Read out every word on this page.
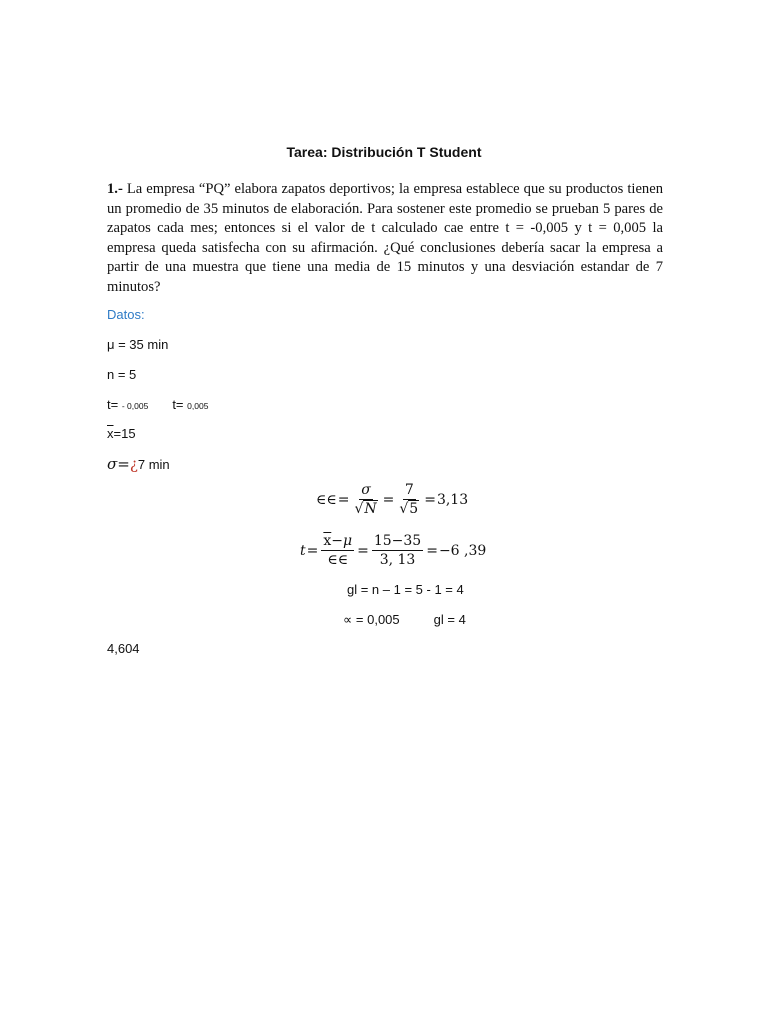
Tarea: Distribución T Student
1.- La empresa “PQ” elabora zapatos deportivos; la empresa establece que su productos tienen un promedio de 35 minutos de elaboración. Para sostener este promedio se prueban 5 pares de zapatos cada mes; entonces si el valor de t calculado cae entre t = -0,005 y t = 0,005 la empresa queda satisfecha con su afirmación. ¿Qué conclusiones debería sacar la empresa a partir de una muestra que tiene una media de 15 minutos y una desviación estandar de 7 minutos?
Datos:
μ = 35 min
n = 5
t= - 0,005 t= 0,005
$\overline{x}=15$
σ=¿7 min
∈∈ = $\frac{\sigma}{√N} = \frac{7}{√5} = 3,13$
$t = \frac{\overline{x}-\mu}{\in\in} = \frac{15-35}{3, 13} = -6$ ,39
gl = n – 1 = 5 - 1 = 4
∝ = 0,005	gl = 4
4,604
